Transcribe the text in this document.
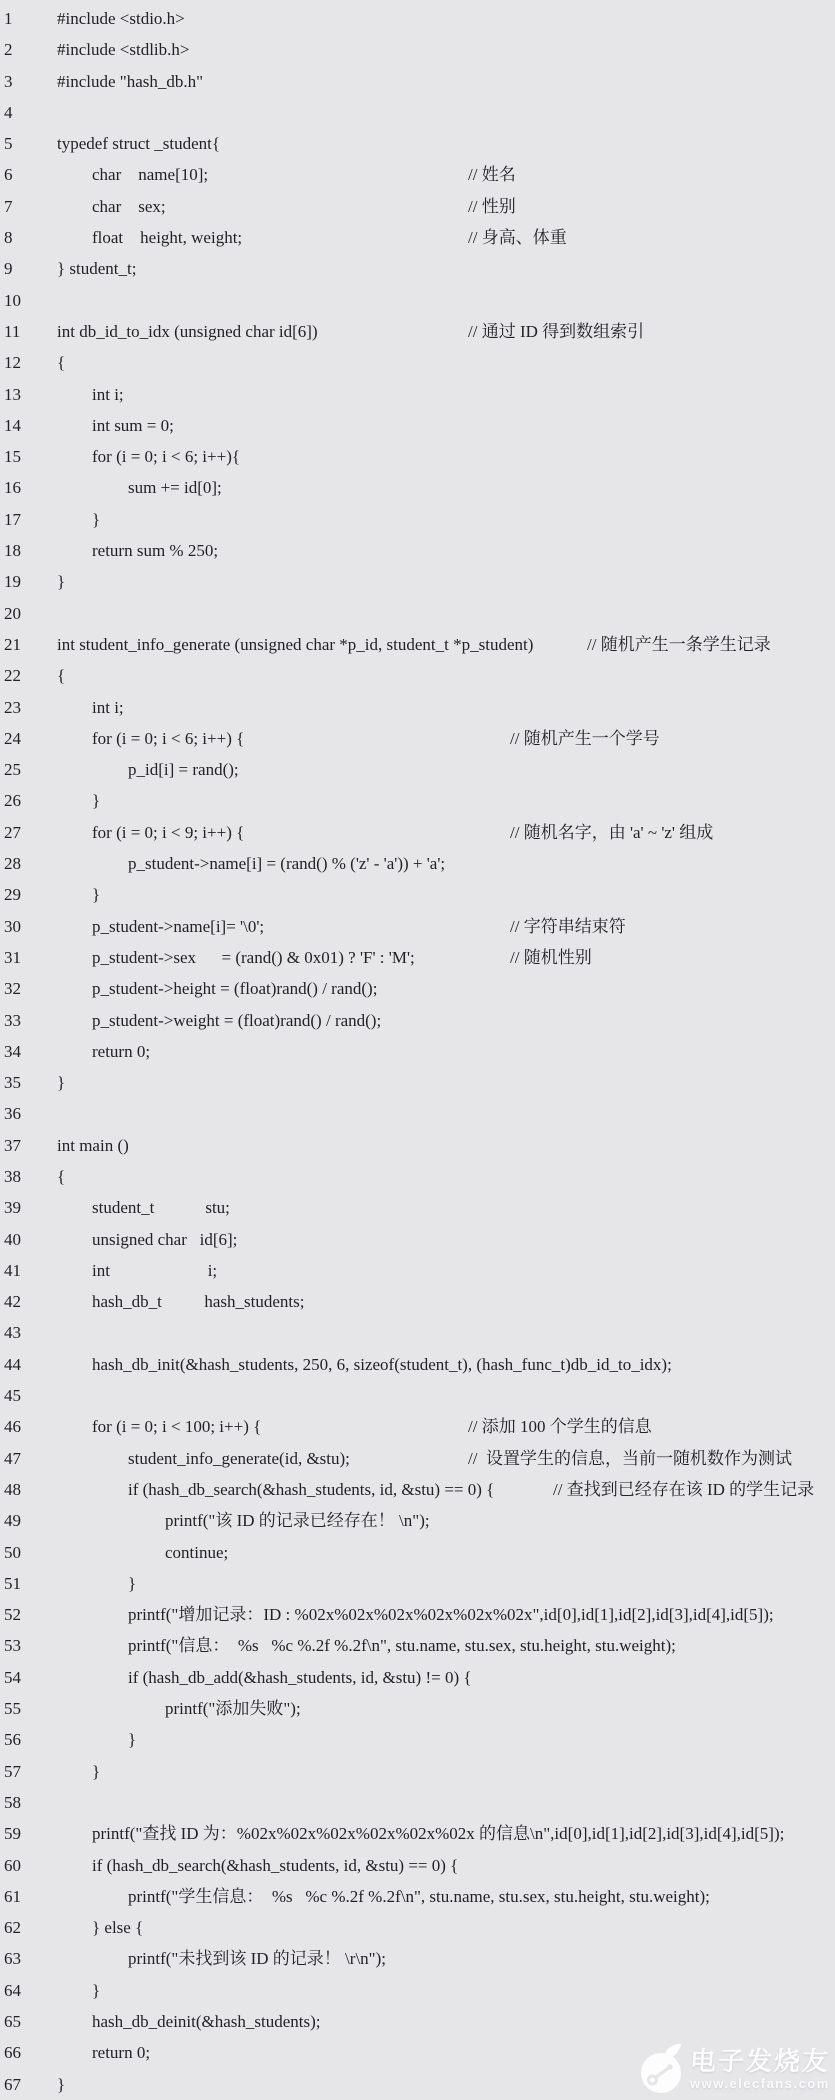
1	#include <stdio.h>
2	#include <stdlib.h>
3	#include "hash_db.h"
4
5	typedef struct _student{
6	char    name[10];	// 姓名
7	char    sex;	// 性别
8	float    height, weight;	// 身高、体重
9	} student_t;
10
11	int db_id_to_idx (unsigned char id[6])	// 通过 ID 得到数组索引
12	{
13	int i;
14	int sum = 0;
15	for (i = 0; i < 6; i++){
16	sum += id[0];
17	}
18	return sum % 250;
19	}
20
21	int student_info_generate (unsigned char *p_id, student_t *p_student)	// 随机产生一条学生记录
22	{
23	int i;
24	for (i = 0; i < 6; i++) {	// 随机产生一个学号
25	p_id[i] = rand();
26	}
27	for (i = 0; i < 9; i++) {	// 随机名字，由 'a' ~ 'z' 组成
28	p_student->name[i] = (rand() % ('z' - 'a')) + 'a';
29	}
30	p_student->name[i]= '\0';	// 字符串结束符
31	p_student->sex      = (rand() & 0x01) ? 'F' : 'M';	// 随机性别
32	p_student->height = (float)rand() / rand();
33	p_student->weight = (float)rand() / rand();
34	return 0;
35	}
36
37	int main ()
38	{
39	student_t            stu;
40	unsigned char   id[6];
41	int                       i;
42	hash_db_t          hash_students;
43
44	hash_db_init(&hash_students, 250, 6, sizeof(student_t), (hash_func_t)db_id_to_idx);
45
46	for (i = 0; i < 100; i++) {	// 添加 100 个学生的信息
47	student_info_generate(id, &stu);	//  设置学生的信息，当前一随机数作为测试
48	if (hash_db_search(&hash_students, id, &stu) == 0) {	// 查找到已经存在该 ID 的学生记录
49	printf("该 ID 的记录已经存在！ \n");
50	continue;
51	}
52	printf("增加记录：ID : %02x%02x%02x%02x%02x%02x",id[0],id[1],id[2],id[3],id[4],id[5]);
53	printf("信息：  %s   %c %.2f %.2f\n", stu.name, stu.sex, stu.height, stu.weight);
54	if (hash_db_add(&hash_students, id, &stu) != 0) {
55	printf("添加失败");
56	}
57	}
58
59	printf("查找 ID 为：%02x%02x%02x%02x%02x%02x 的信息\n",id[0],id[1],id[2],id[3],id[4],id[5]);
60	if (hash_db_search(&hash_students, id, &stu) == 0) {
61	printf("学生信息：  %s   %c %.2f %.2f\n", stu.name, stu.sex, stu.height, stu.weight);
62	} else {
63	printf("未找到该 ID 的记录！ \r\n");
64	}
65	hash_db_deinit(&hash_students);
66	return 0;
67	}
电子发烧友
www.elecfans.com
